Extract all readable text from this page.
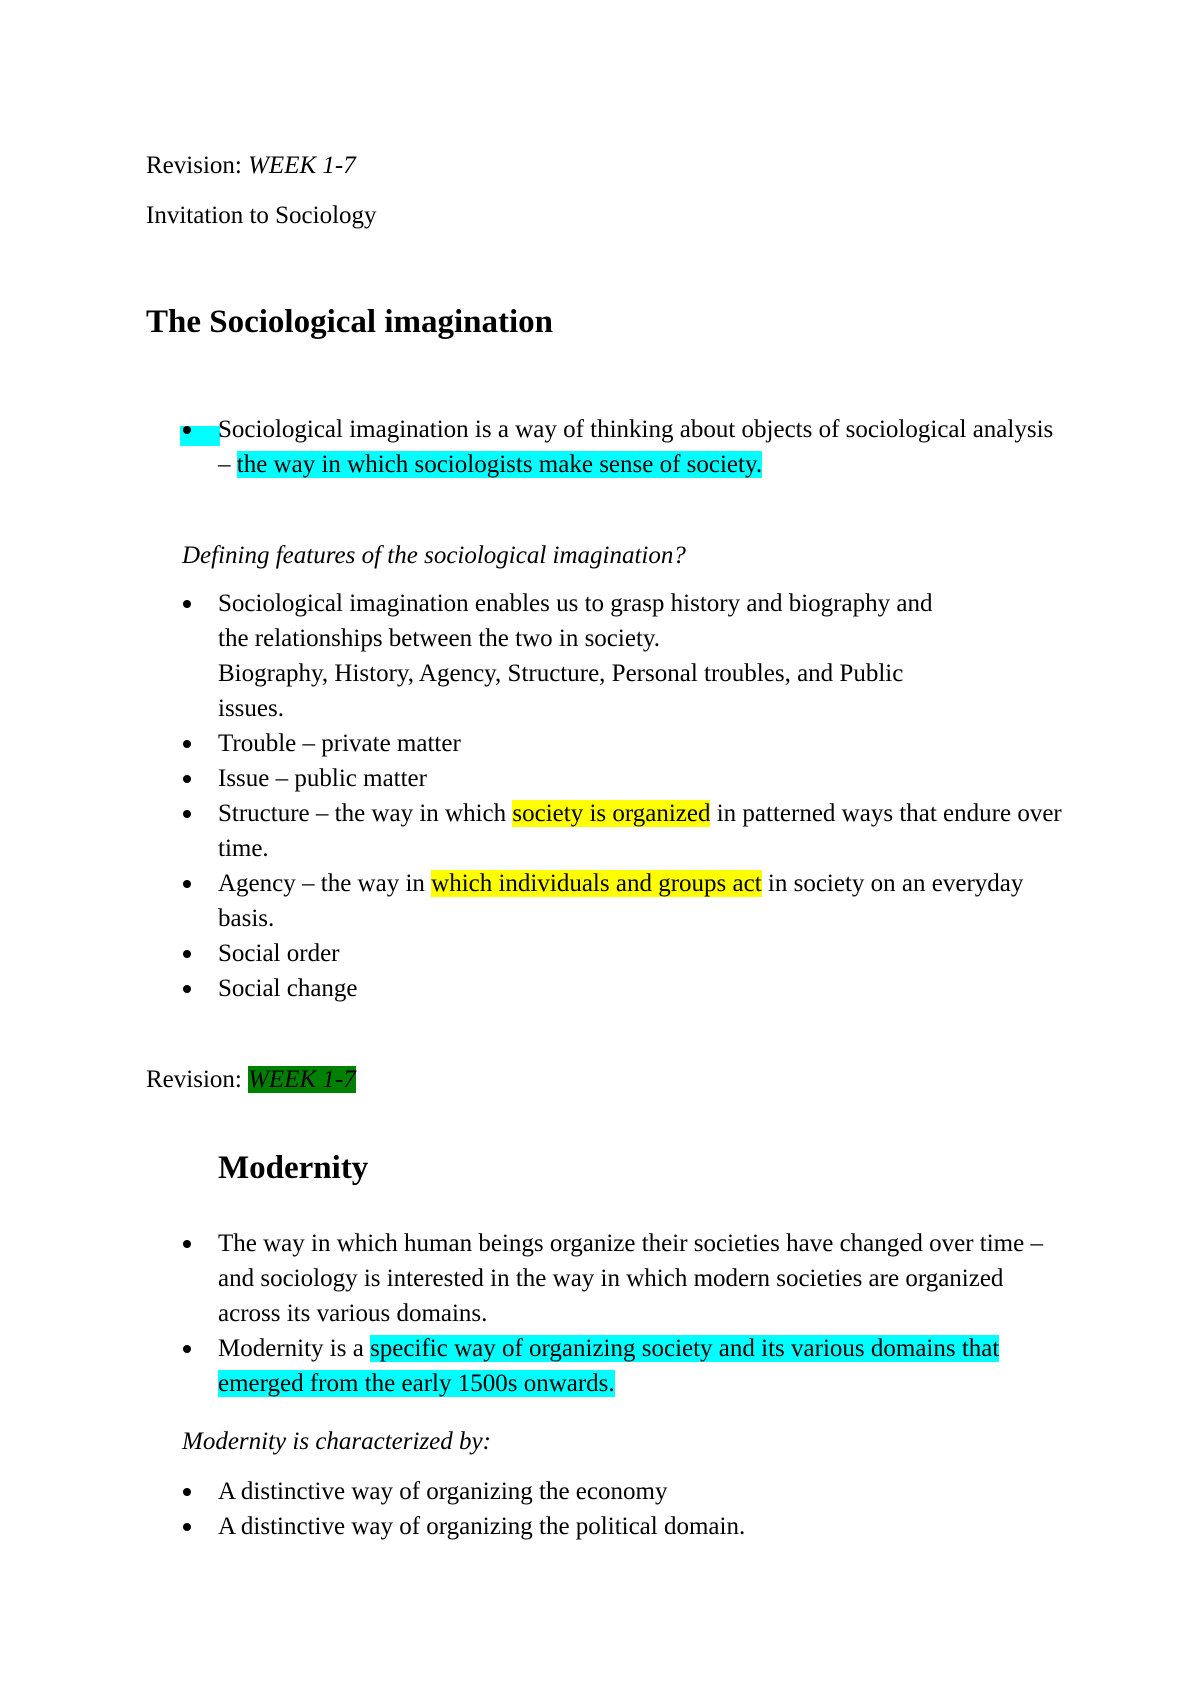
Revision: WEEK 1-7
Invitation to Sociology
The Sociological imagination
Sociological imagination is a way of thinking about objects of sociological analysis – the way in which sociologists make sense of society.
Defining features of the sociological imagination?
Sociological imagination enables us to grasp history and biography and
the relationships between the two in society.
Biography, History, Agency, Structure, Personal troubles, and Public
issues.
Trouble – private matter
Issue – public matter
Structure – the way in which society is organized in patterned ways that endure over time.
Agency – the way in which individuals and groups act in society on an everyday basis.
Social order
Social change
Revision: WEEK 1-7
Modernity
The way in which human beings organize their societies have changed over time – and sociology is interested in the way in which modern societies are organized across its various domains.
Modernity is a specific way of organizing society and its various domains that emerged from the early 1500s onwards.
Modernity is characterized by:
A distinctive way of organizing the economy
A distinctive way of organizing the political domain.
